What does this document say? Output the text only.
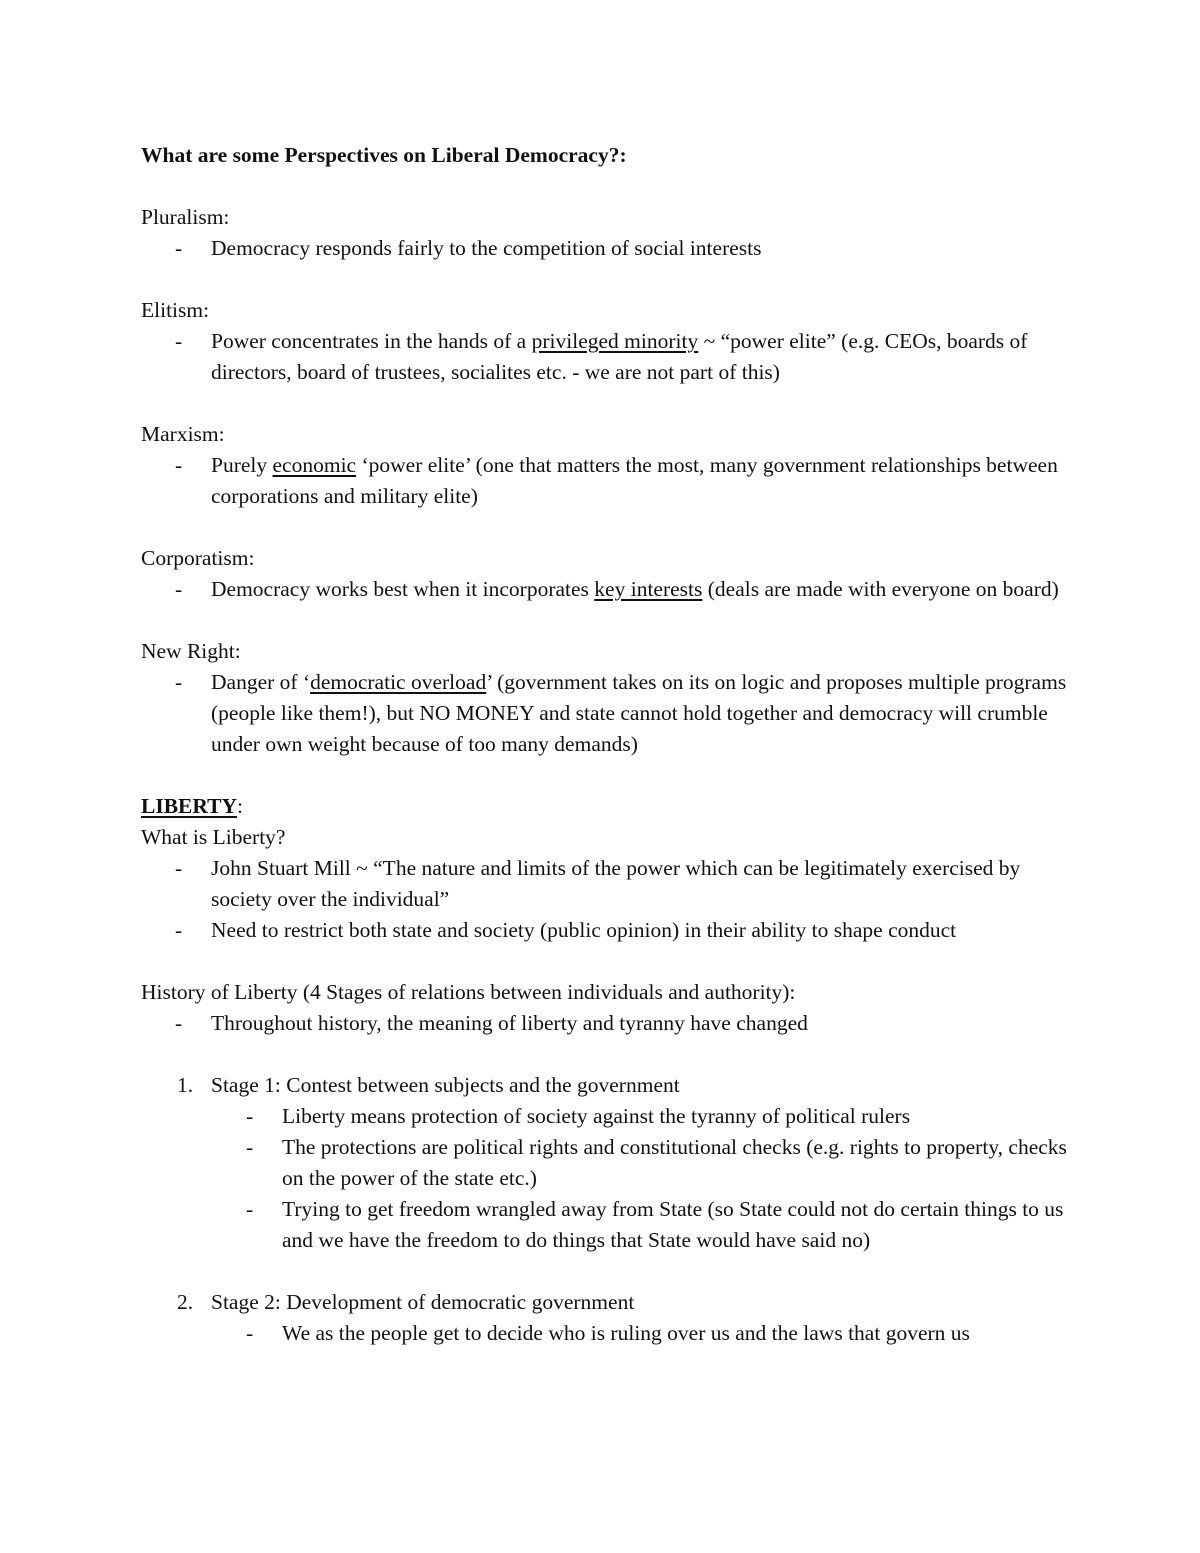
What are some Perspectives on Liberal Democracy?:

Pluralism:

- Democracy responds fairly to the competition of social interests

Elitism:

- Power concentrates in the hands of a privileged minority ~ “power elite” (e.g. CEOs, boards of directors, board of trustees, socialites etc. - we are not part of this)

Marxism:

- Purely economic ‘power elite’ (one that matters the most, many government relationships between corporations and military elite)

Corporatism:

- Democracy works best when it incorporates key interests (deals are made with everyone on board)

New Right:

- Danger of ‘democratic overload’ (government takes on its on logic and proposes multiple programs (people like them!), but NO MONEY and state cannot hold together and democracy will crumble under own weight because of too many demands)

LIBERTY:

What is Liberty?

- John Stuart Mill ~ “The nature and limits of the power which can be legitimately exercised by society over the individual”
- Need to restrict both state and society (public opinion) in their ability to shape conduct

History of Liberty (4 Stages of relations between individuals and authority):

- Throughout history, the meaning of liberty and tyranny have changed
1. Stage 1: Contest between subjects and the government
- Liberty means protection of society against the tyranny of political rulers
- The protections are political rights and constitutional checks (e.g. rights to property, checks on the power of the state etc.)
- Trying to get freedom wrangled away from State (so State could not do certain things to us and we have the freedom to do things that State would have said no)
2. Stage 2: Development of democratic government
- We as the people get to decide who is ruling over us and the laws that govern us
